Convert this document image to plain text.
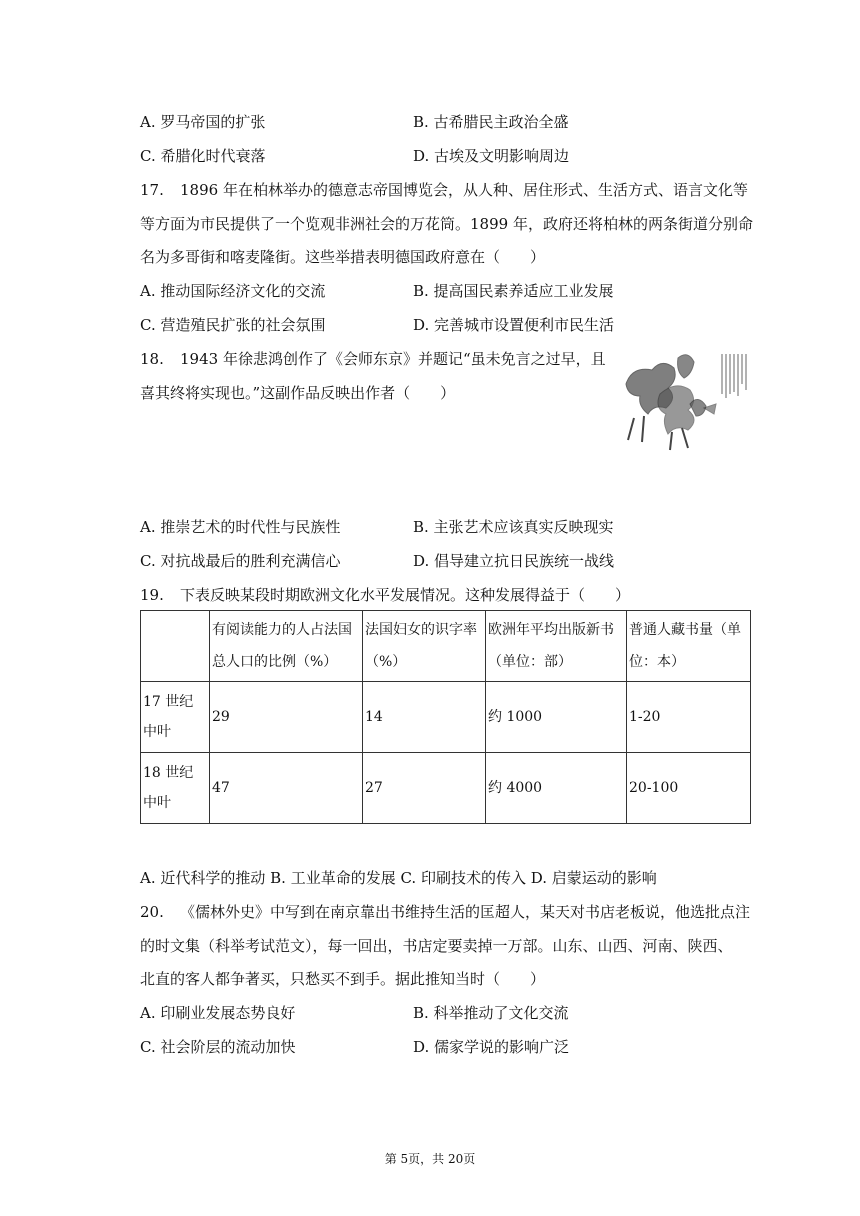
A. 罗马帝国的扩张	B. 古希腊民主政治全盛
C. 希腊化时代衰落	D. 古埃及文明影响周边
17. 1896 年在柏林举办的德意志帝国博览会，从人种、居住形式、生活方式、语言文化等
等方面为市民提供了一个览观非洲社会的万花筒。1899 年，政府还将柏林的两条街道分别命
名为多哥街和喀麦隆街。这些举措表明德国政府意在（　　）
A. 推动国际经济文化的交流	B. 提高国民素养适应工业发展
C. 营造殖民扩张的社会氛围	D. 完善城市设置便利市民生活
18. 1943 年徐悲鸿创作了《会师东京》并题记“虽未免言之过早，且
喜其终将实现也。”这副作品反映出作者（　　）
A. 推崇艺术的时代性与民族性	B. 主张艺术应该真实反映现实
C. 对抗战最后的胜利充满信心	D. 倡导建立抗日民族统一战线
19. 下表反映某段时期欧洲文化水平发展情况。这种发展得益于（　　）
	有阅读能力的人占法国总人口的比例（%）	法国妇女的识字率（%）	欧洲年平均出版新书（单位：部）	普通人藏书量（单位：本）
17 世纪中叶	29	14	约 1000	1-20
18 世纪中叶	47	27	约 4000	20-100
A. 近代科学的推动 B. 工业革命的发展 C. 印刷技术的传入 D. 启蒙运动的影响
20. 《儒林外史》中写到在南京靠出书维持生活的匡超人，某天对书店老板说，他选批点注
的时文集（科举考试范文），每一回出，书店定要卖掉一万部。山东、山西、河南、陕西、
北直的客人都争著买，只愁买不到手。据此推知当时（　　）
A. 印刷业发展态势良好	B. 科举推动了文化交流
C. 社会阶层的流动加快	D. 儒家学说的影响广泛
第 5页，共 20页
